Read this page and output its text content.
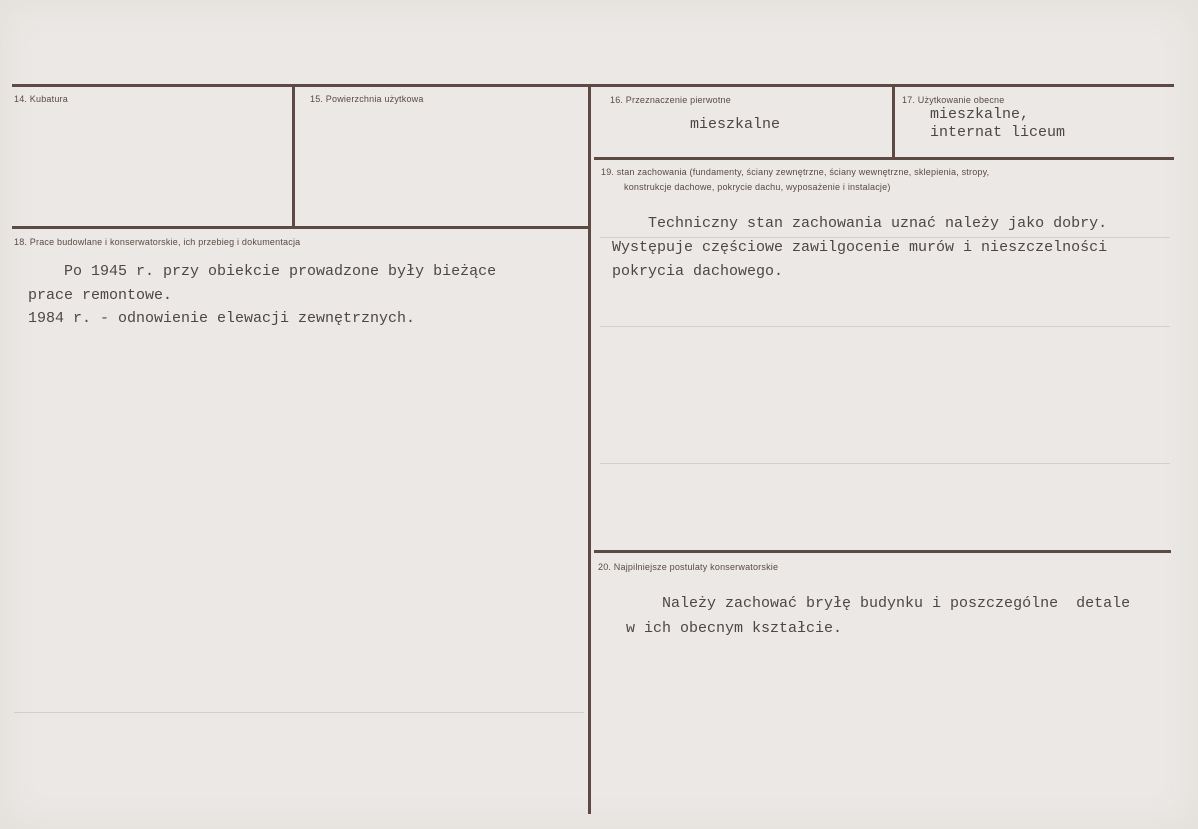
14. Kubatura	15. Powierzchnia użytkowa	16. Przeznaczenie pierwotne
mieszkalne
17. Użytkowanie obecne
mieszkalne,
internat liceum
18. Prace budowlane i konserwatorskie, ich przebieg i dokumentacja
Po 1945 r. przy obiekcie prowadzone były bieżące
prace remontowe.
1984 r. - odnowienie elewacji zewnętrznych.
19. stan zachowania (fundamenty, ściany zewnętrzne, ściany wewnętrzne, sklepienia, stropy,
konstrukcje dachowe, pokrycie dachu, wyposażenie i instalacje)
Techniczny stan zachowania uznać należy jako dobry.
Występuje częściowe zawilgocenie murów i nieszczelności
pokrycia dachowego.
20. Najpilniejsze postulaty konserwatorskie
Należy zachować bryłę budynku i poszczególne  detale
w ich obecnym kształcie.
